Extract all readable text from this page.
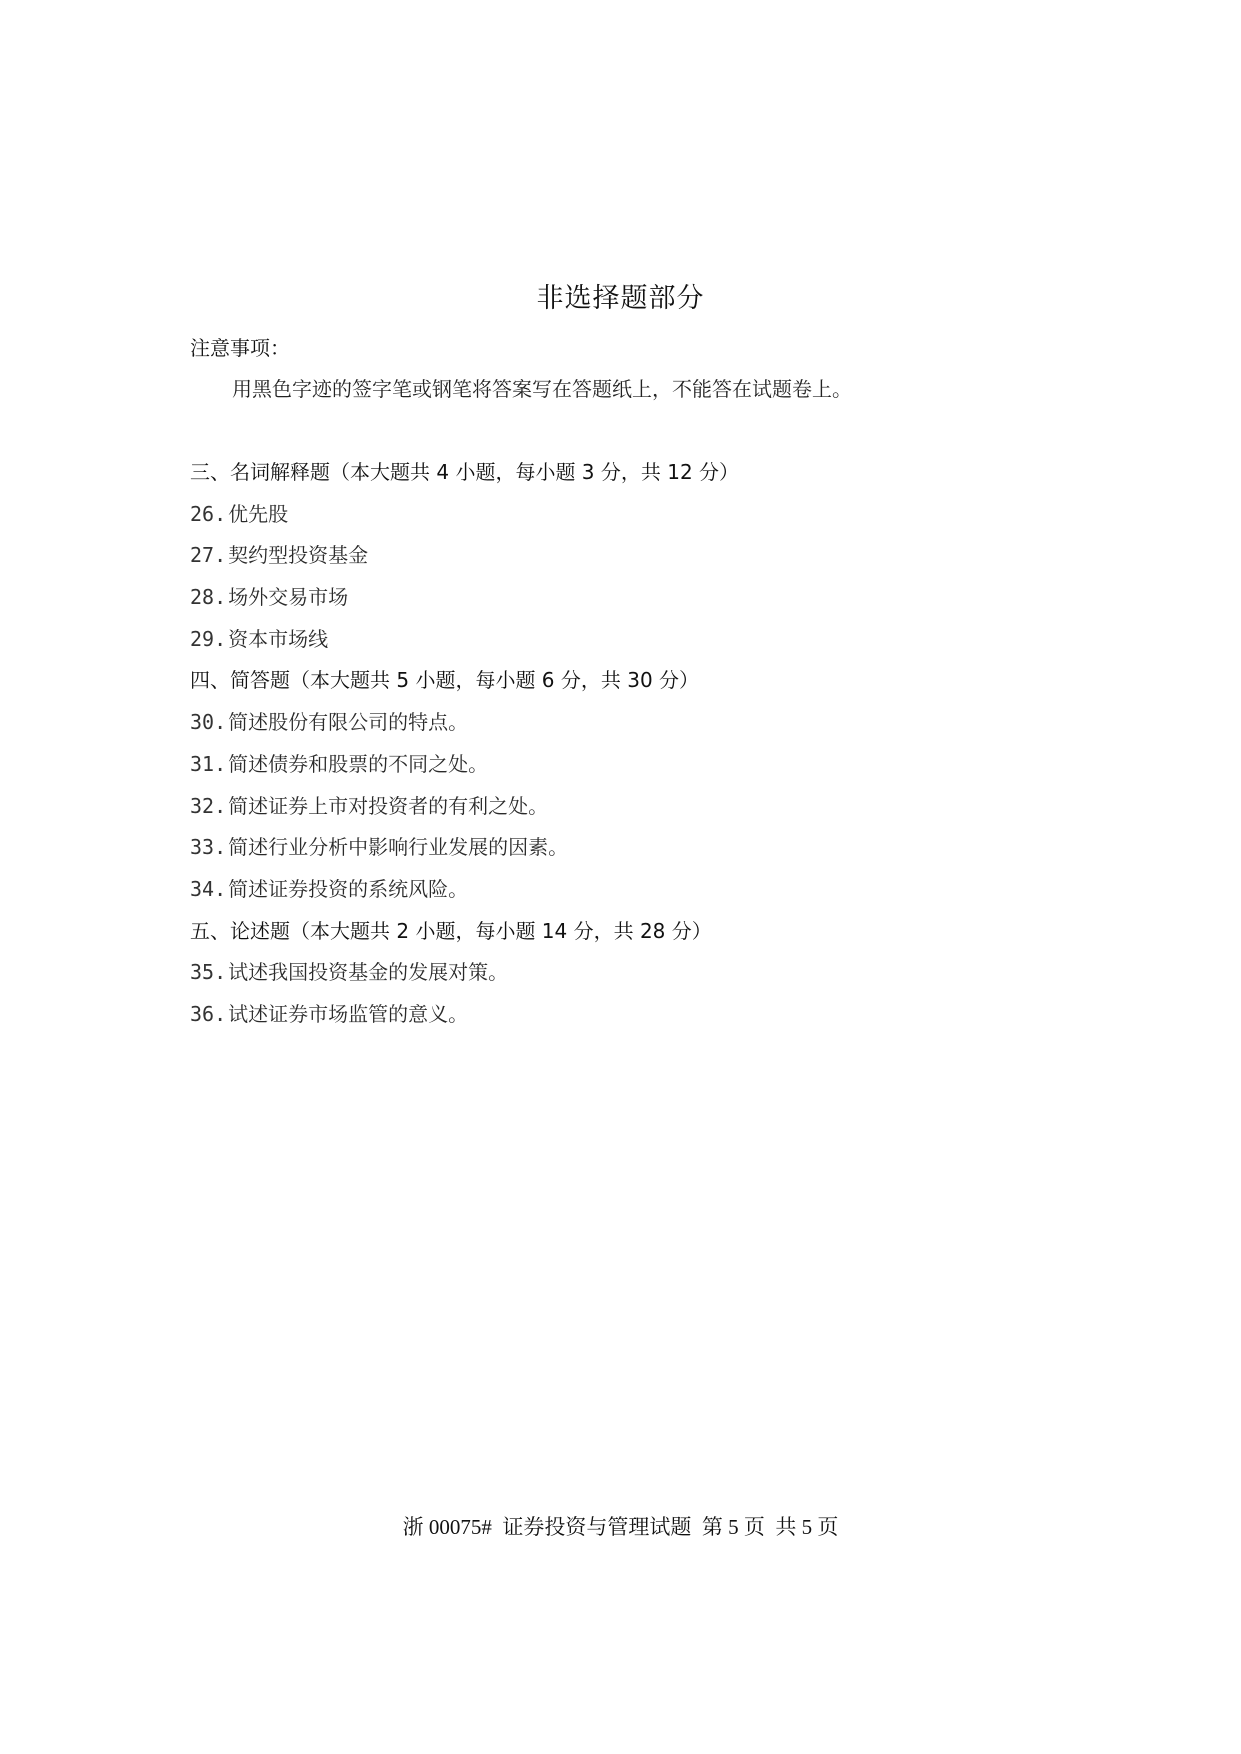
非选择题部分
注意事项：
用黑色字迹的签字笔或钢笔将答案写在答题纸上，不能答在试题卷上。
三、名词解释题（本大题共 4 小题，每小题 3 分，共 12 分）
26. 优先股
27. 契约型投资基金
28. 场外交易市场
29. 资本市场线
四、简答题（本大题共 5 小题，每小题 6 分，共 30 分）
30. 简述股份有限公司的特点。
31. 简述债券和股票的不同之处。
32. 简述证券上市对投资者的有利之处。
33. 简述行业分析中影响行业发展的因素。
34. 简述证券投资的系统风险。
五、论述题（本大题共 2 小题，每小题 14 分，共 28 分）
35. 试述我国投资基金的发展对策。
36. 试述证券市场监管的意义。
浙 00075#  证券投资与管理试题  第 5 页  共 5 页
